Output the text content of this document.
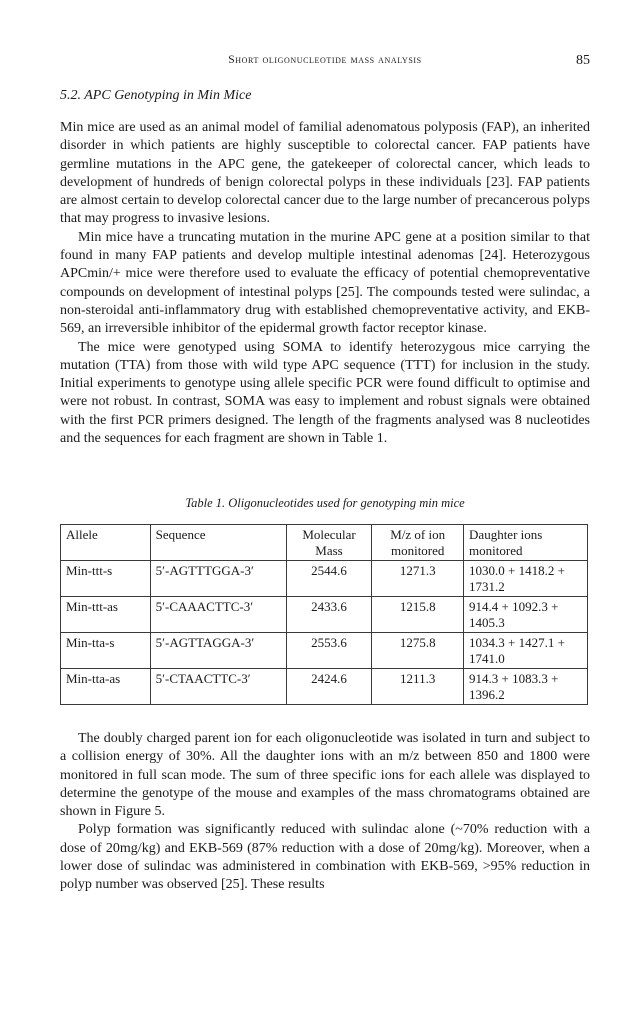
Short oligonucleotide mass analysis	85
5.2. APC Genotyping in Min Mice

Min mice are used as an animal model of familial adenomatous polyposis (FAP), an inherited disorder in which patients are highly susceptible to colorectal cancer. FAP patients have germline mutations in the APC gene, the gatekeeper of colorectal cancer, which leads to development of hundreds of benign colorectal polyps in these individuals [23]. FAP patients are almost certain to develop colorectal cancer due to the large number of precancerous polyps that may progress to invasive lesions.

Min mice have a truncating mutation in the murine APC gene at a position similar to that found in many FAP patients and develop multiple intestinal adenomas [24]. Heterozygous APCmin/+ mice were therefore used to evaluate the efficacy of potential chemopreventative compounds on development of intestinal polyps [25]. The compounds tested were sulindac, a non-steroidal anti-inflammatory drug with established chemopreventative activity, and EKB-569, an irreversible inhibitor of the epidermal growth factor receptor kinase.

The mice were genotyped using SOMA to identify heterozygous mice carrying the mutation (TTA) from those with wild type APC sequence (TTT) for inclusion in the study. Initial experiments to genotype using allele specific PCR were found difficult to optimise and were not robust. In contrast, SOMA was easy to implement and robust signals were obtained with the first PCR primers designed. The length of the fragments analysed was 8 nucleotides and the sequences for each fragment are shown in Table 1.

Table 1. Oligonucleotides used for genotyping min mice
Allele	Sequence	Molecular Mass	M/z of ion monitored	Daughter ions monitored
Min-ttt-s	5′-AGTTTGGA-3′	2544.6	1271.3	1030.0 + 1418.2 + 1731.2
Min-ttt-as	5′-CAAACTTC-3′	2433.6	1215.8	914.4 + 1092.3 + 1405.3
Min-tta-s	5′-AGTTAGGA-3′	2553.6	1275.8	1034.3 + 1427.1 + 1741.0
Min-tta-as	5′-CTAACTTC-3′	2424.6	1211.3	914.3 + 1083.3 + 1396.2

The doubly charged parent ion for each oligonucleotide was isolated in turn and subject to a collision energy of 30%. All the daughter ions with an m/z between 850 and 1800 were monitored in full scan mode. The sum of three specific ions for each allele was displayed to determine the genotype of the mouse and examples of the mass chromatograms obtained are shown in Figure 5.

Polyp formation was significantly reduced with sulindac alone (~70% reduction with a dose of 20mg/kg) and EKB-569 (87% reduction with a dose of 20mg/kg). Moreover, when a lower dose of sulindac was administered in combination with EKB-569, >95% reduction in polyp number was observed [25]. These results
